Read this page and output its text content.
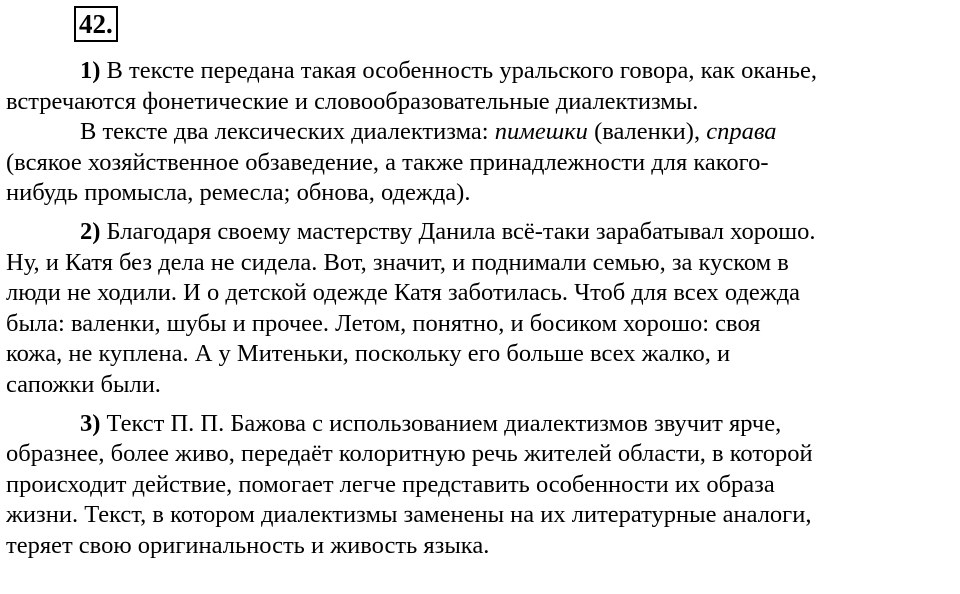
42.
1) В тексте передана такая особенность уральского говора, как оканье,
встречаются фонетические и словообразовательные диалектизмы.
В тексте два лексических диалектизма: пимешки (валенки), справа
(всякое хозяйственное обзаведение, а также принадлежности для какого-
нибудь промысла, ремесла; обнова, одежда).
2) Благодаря своему мастерству Данила всё-таки зарабатывал хорошо.
Ну, и Катя без дела не сидела. Вот, значит, и поднимали семью, за куском в
люди не ходили. И о детской одежде Катя заботилась. Чтоб для всех одежда
была: валенки, шубы и прочее. Летом, понятно, и босиком хорошо: своя
кожа, не куплена. А у Митеньки, поскольку его больше всех жалко, и
сапожки были.
3) Текст П. П. Бажова с использованием диалектизмов звучит ярче,
образнее, более живо, передаёт колоритную речь жителей области, в которой
происходит действие, помогает легче представить особенности их образа
жизни. Текст, в котором диалектизмы заменены на их литературные аналоги,
теряет свою оригинальность и живость языка.
